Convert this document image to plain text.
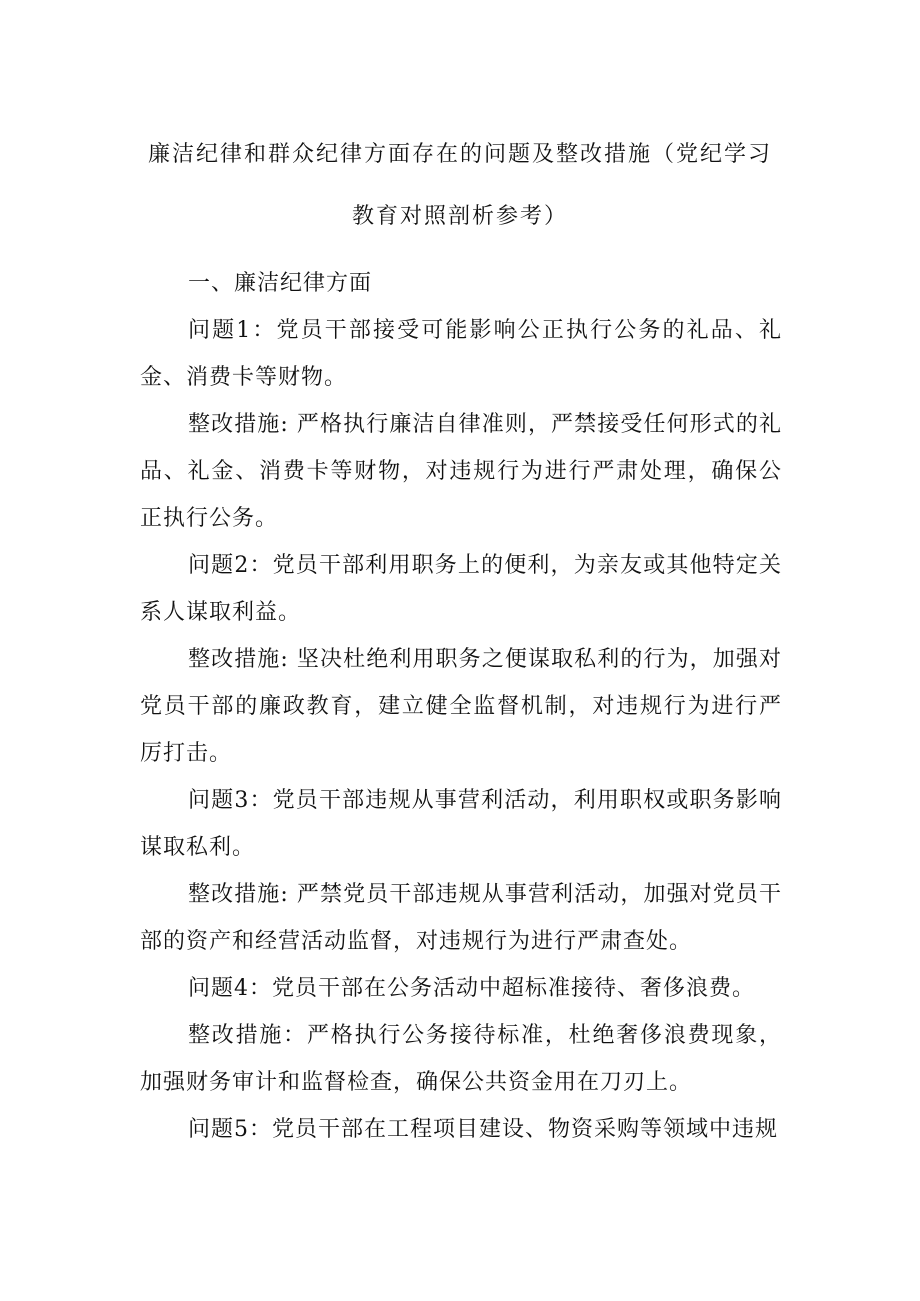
廉洁纪律和群众纪律方面存在的问题及整改措施（党纪学习
教育对照剖析参考）

一、廉洁纪律方面

问题1：党员干部接受可能影响公正执行公务的礼品、礼金、消费卡等财物。

整改措施: 严格执行廉洁自律准则，严禁接受任何形式的礼品、礼金、消费卡等财物，对违规行为进行严肃处理，确保公正执行公务。

问题2：党员干部利用职务上的便利，为亲友或其他特定关系人谋取利益。

整改措施: 坚决杜绝利用职务之便谋取私利的行为，加强对党员干部的廉政教育，建立健全监督机制，对违规行为进行严厉打击。

问题3：党员干部违规从事营利活动，利用职权或职务影响谋取私利。

整改措施: 严禁党员干部违规从事营利活动，加强对党员干部的资产和经营活动监督，对违规行为进行严肃查处。

问题4：党员干部在公务活动中超标准接待、奢侈浪费。

整改措施：严格执行公务接待标准，杜绝奢侈浪费现象，加强财务审计和监督检查，确保公共资金用在刀刃上。

问题5：党员干部在工程项目建设、物资采购等领域中违规
